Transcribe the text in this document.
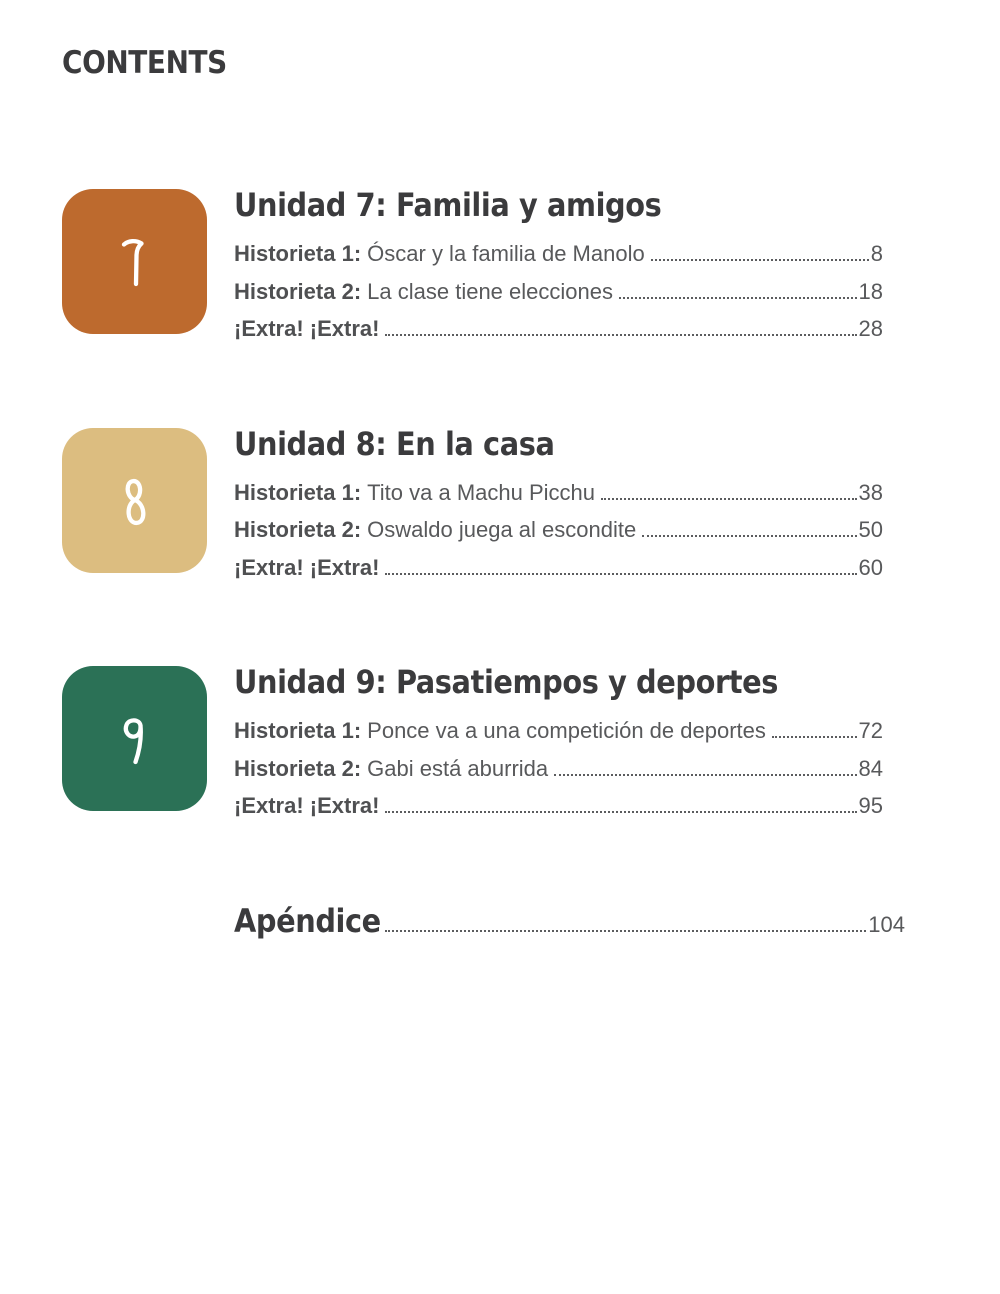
CONTENTS
Unidad 7: Familia y amigos
Historieta 1: Óscar y la familia de Manolo	8
Historieta 2: La clase tiene elecciones	18
¡Extra! ¡Extra!	28
Unidad 8: En la casa
Historieta 1: Tito va a Machu Picchu	38
Historieta 2: Oswaldo juega al escondite	50
¡Extra! ¡Extra!	60
Unidad 9: Pasatiempos y deportes
Historieta 1: Ponce va a una competición de deportes	72
Historieta 2: Gabi está aburrida	84
¡Extra! ¡Extra!	95
Apéndice	104
